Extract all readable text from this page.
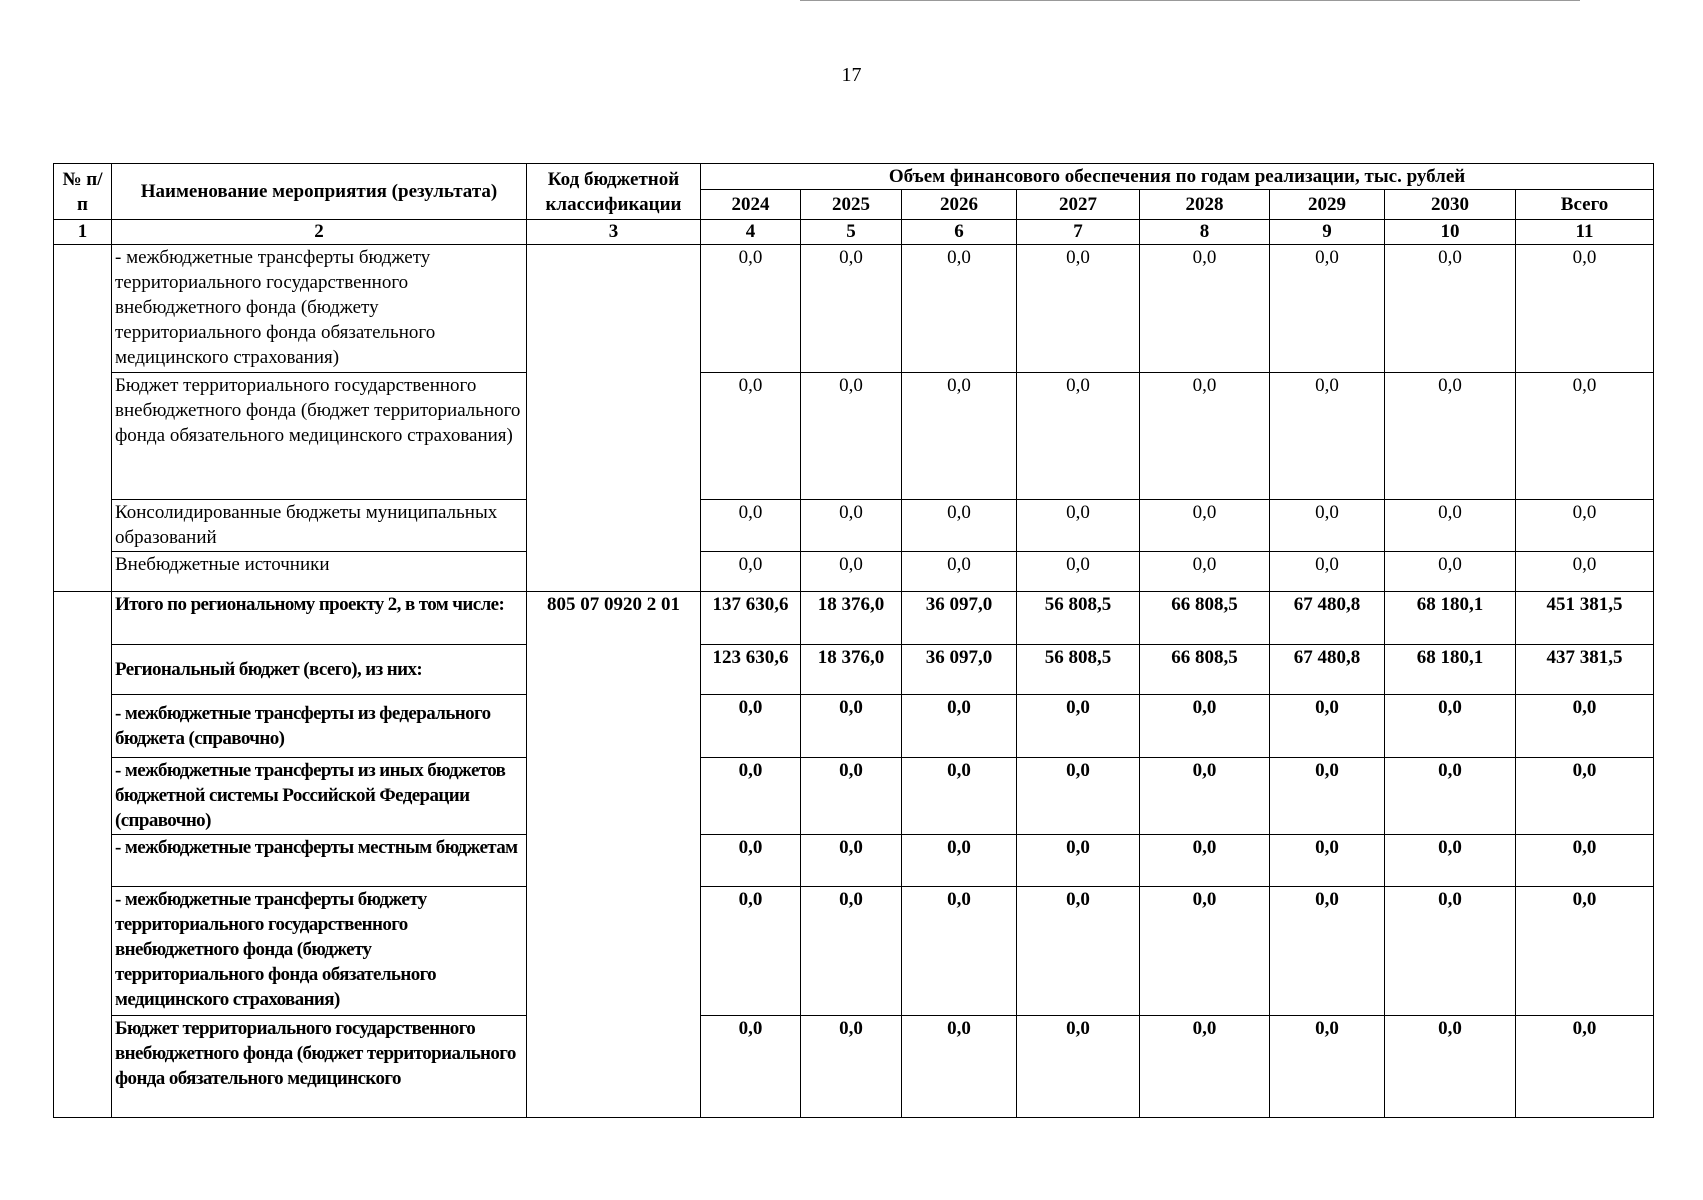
17
№ п/п	Наименование мероприятия (результата)	Код бюджетной классификации	Объем финансового обеспечения по годам реализации, тыс. рублей							
			2024	2025	2026	2027	2028	2029	2030	Всего
1	2	3	4	5	6	7	8	9	10	11
	- межбюджетные трансферты бюджету территориального государственного внебюджетного фонда (бюджету территориального фонда обязательного медицинского страхования)		0,0	0,0	0,0	0,0	0,0	0,0	0,0	0,0
	Бюджет территориального государственного внебюджетного фонда (бюджет территориального фонда обязательного медицинского страхования)		0,0	0,0	0,0	0,0	0,0	0,0	0,0	0,0
	Консолидированные бюджеты муниципальных образований		0,0	0,0	0,0	0,0	0,0	0,0	0,0	0,0
	Внебюджетные источники		0,0	0,0	0,0	0,0	0,0	0,0	0,0	0,0
	Итого по региональному проекту 2, в том числе:	805 07 0920 2 01	137 630,6	18 376,0	36 097,0	56 808,5	66 808,5	67 480,8	68 180,1	451 381,5
	Региональный бюджет (всего), из них:		123 630,6	18 376,0	36 097,0	56 808,5	66 808,5	67 480,8	68 180,1	437 381,5
	- межбюджетные трансферты из федерального бюджета (справочно)		0,0	0,0	0,0	0,0	0,0	0,0	0,0	0,0
	- межбюджетные трансферты из иных бюджетов бюджетной системы Российской Федерации (справочно)		0,0	0,0	0,0	0,0	0,0	0,0	0,0	0,0
	- межбюджетные трансферты местным бюджетам		0,0	0,0	0,0	0,0	0,0	0,0	0,0	0,0
	- межбюджетные трансферты бюджету территориального государственного внебюджетного фонда (бюджету территориального фонда обязательного медицинского страхования)		0,0	0,0	0,0	0,0	0,0	0,0	0,0	0,0
	Бюджет территориального государственного внебюджетного фонда (бюджет территориального фонда обязательного медицинского		0,0	0,0	0,0	0,0	0,0	0,0	0,0	0,0
